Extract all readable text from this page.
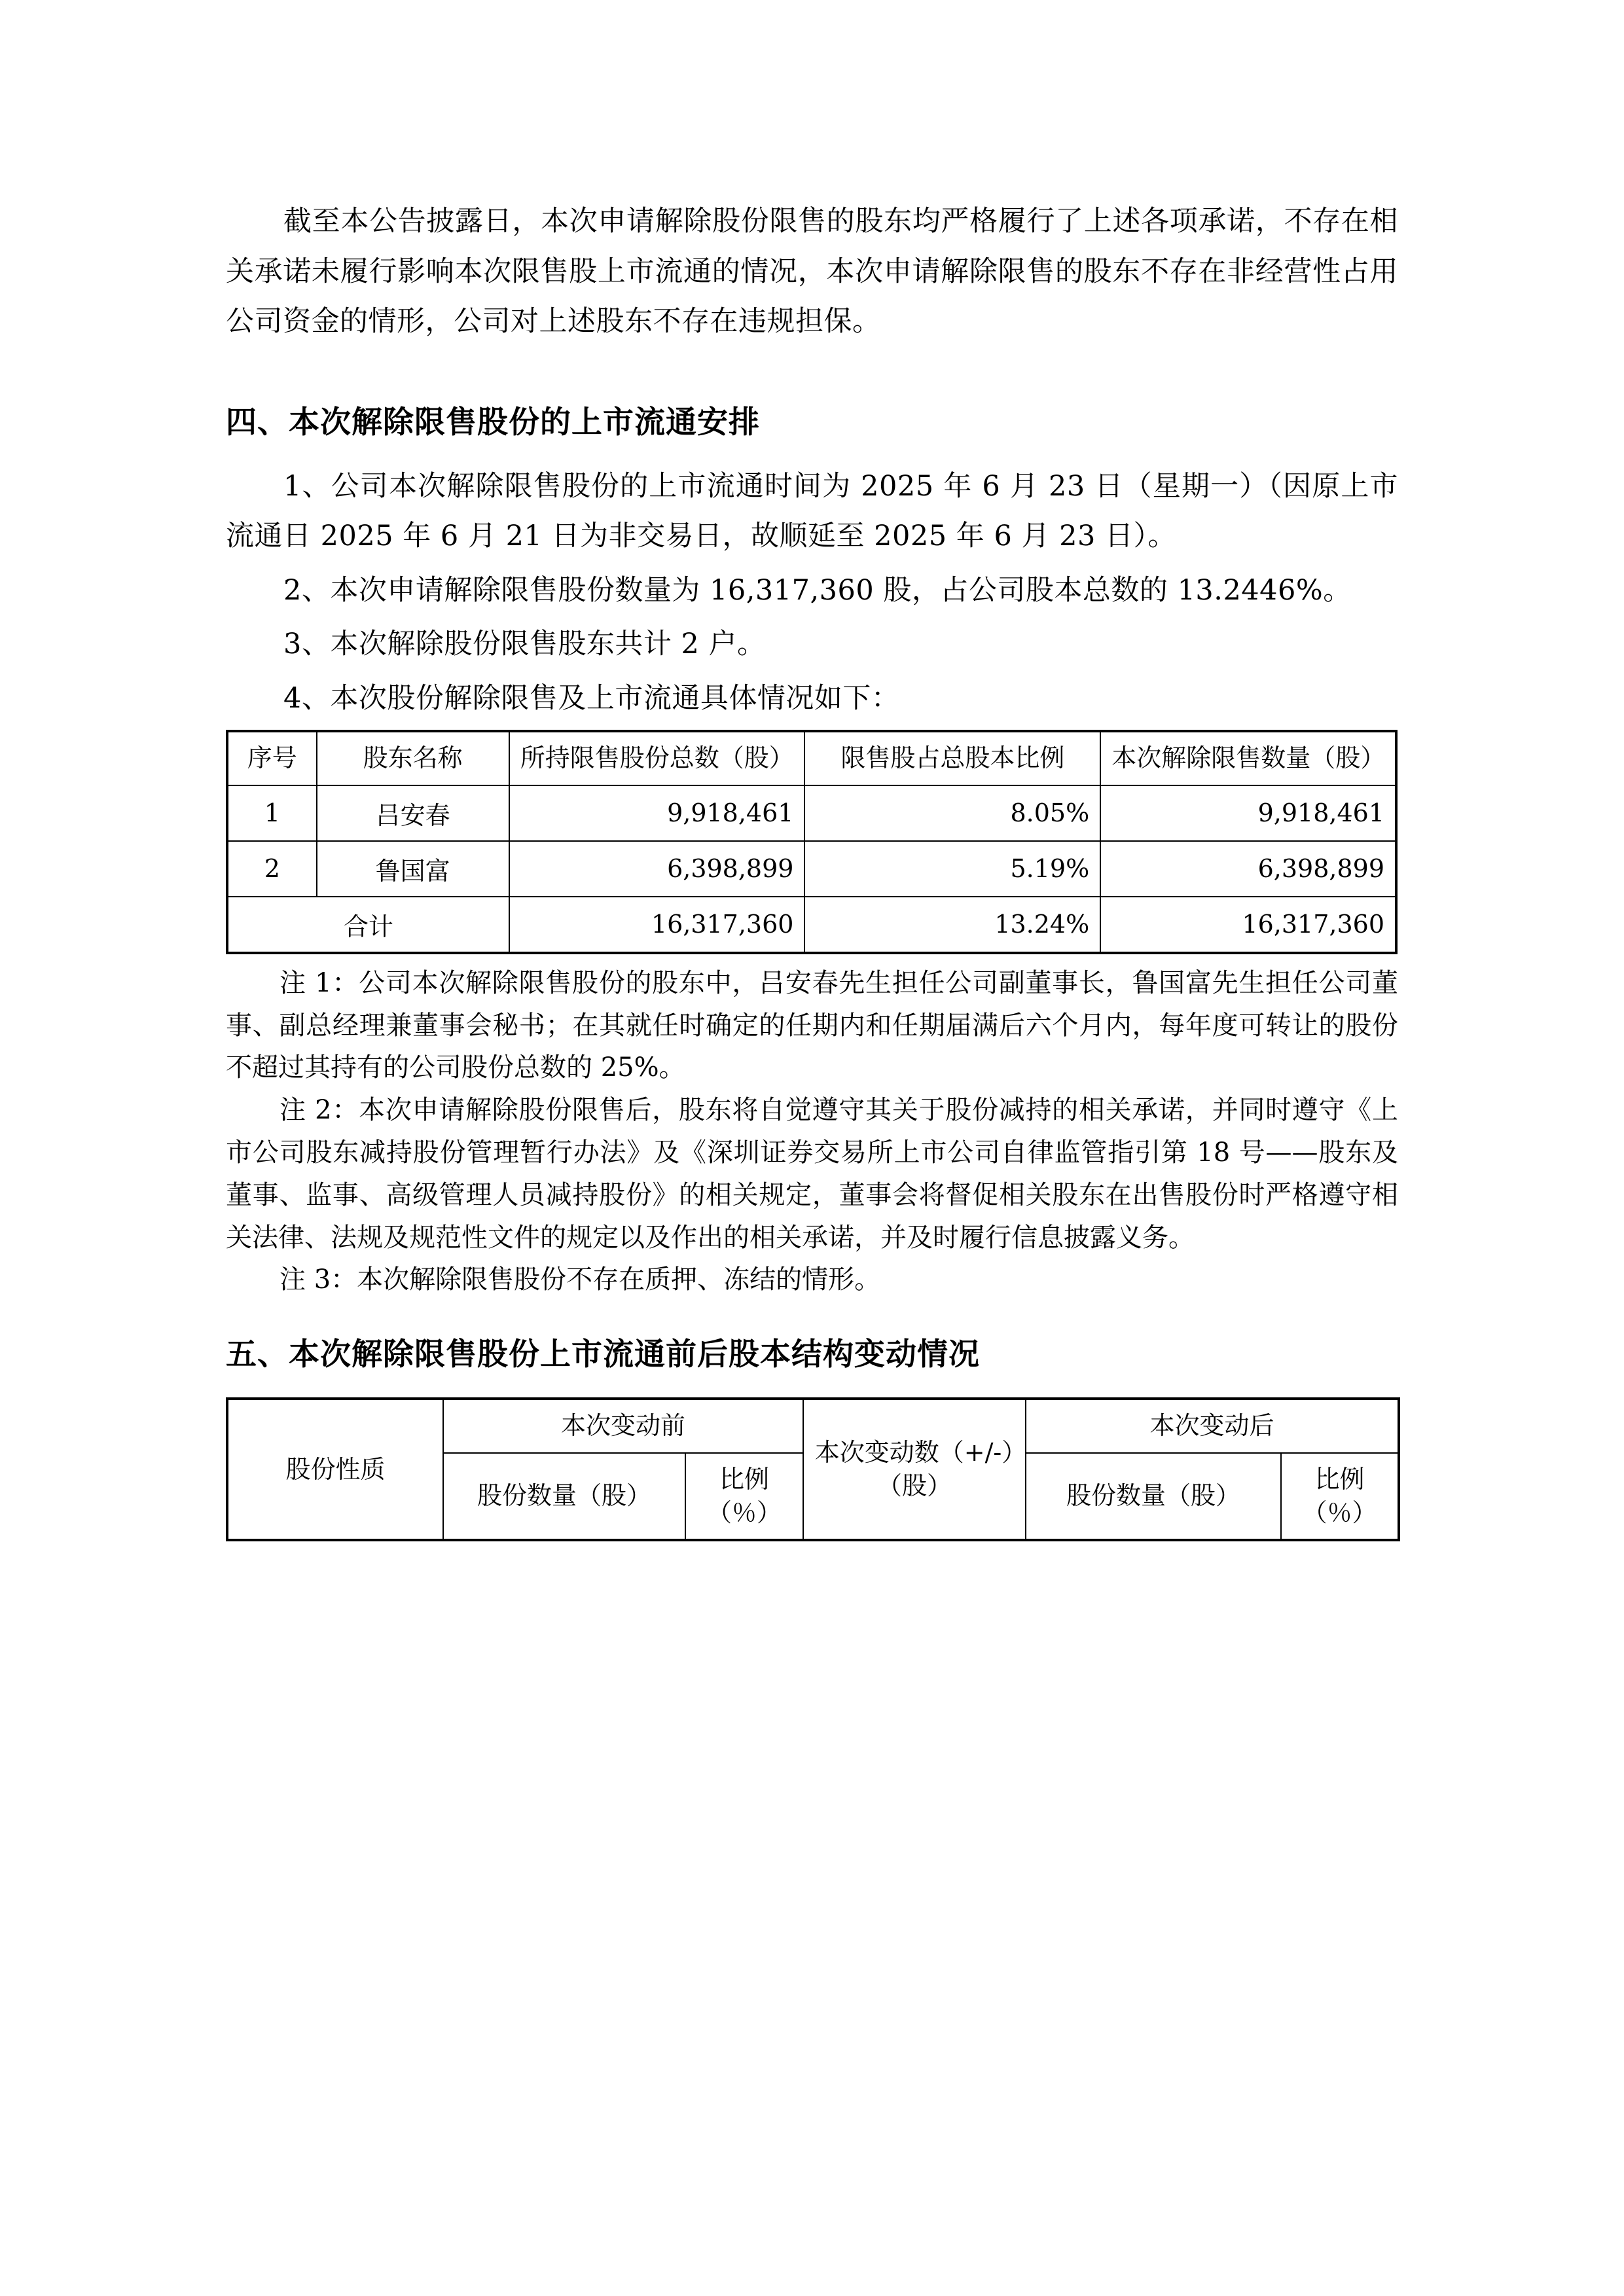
截至本公告披露日，本次申请解除股份限售的股东均严格履行了上述各项承诺，不存在相关承诺未履行影响本次限售股上市流通的情况，本次申请解除限售的股东不存在非经营性占用公司资金的情形，公司对上述股东不存在违规担保。

四、本次解除限售股份的上市流通安排

1、公司本次解除限售股份的上市流通时间为 2025 年 6 月 23 日（星期一）（因原上市流通日 2025 年 6 月 21 日为非交易日，故顺延至 2025 年 6 月 23 日）。

2、本次申请解除限售股份数量为 16,317,360 股，占公司股本总数的 13.2446%。

3、本次解除股份限售股东共计 2 户。

4、本次股份解除限售及上市流通具体情况如下：

序号	股东名称	所持限售股份总数（股）	限售股占总股本比例	本次解除限售数量（股）
1	吕安春	9,918,461	8.05%	9,918,461
2	鲁国富	6,398,899	5.19%	6,398,899
合计		16,317,360	13.24%	16,317,360

注 1：公司本次解除限售股份的股东中，吕安春先生担任公司副董事长，鲁国富先生担任公司董事、副总经理兼董事会秘书；在其就任时确定的任期内和任期届满后六个月内，每年度可转让的股份不超过其持有的公司股份总数的 25%。

注 2：本次申请解除股份限售后，股东将自觉遵守其关于股份减持的相关承诺，并同时遵守《上市公司股东减持股份管理暂行办法》及《深圳证券交易所上市公司自律监管指引第 18 号——股东及董事、监事、高级管理人员减持股份》的相关规定，董事会将督促相关股东在出售股份时严格遵守相关法律、法规及规范性文件的规定以及作出的相关承诺，并及时履行信息披露义务。

注 3：本次解除限售股份不存在质押、冻结的情形。

五、本次解除限售股份上市流通前后股本结构变动情况
股份性质	本次变动前		本次变动数（+/-）（股）	本次变动后	
	股份数量（股）	比例（％）		股份数量（股）	比例（％）
